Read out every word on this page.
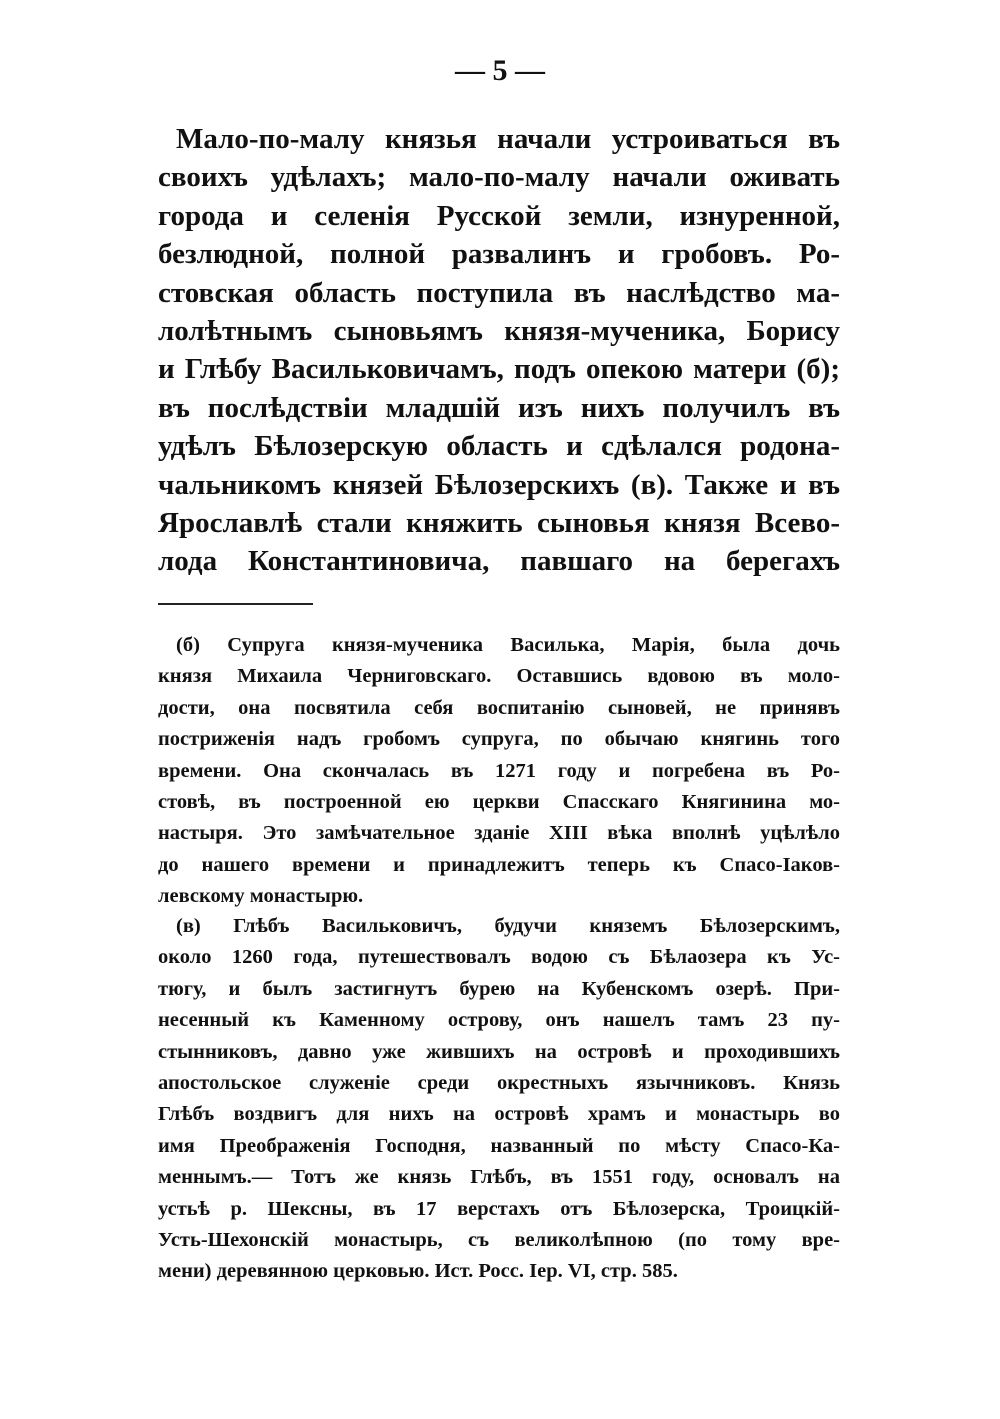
— 5 —
Мало-по-малу князья начали устроиваться въ
своихъ удѣлахъ; мало-по-малу начали оживать
города и селенія Русской земли, изнуренной,
безлюдной, полной развалинъ и гробовъ. Ро-
стовская область поступила въ наслѣдство ма-
лолѣтнымъ сыновьямъ князя-мученика, Борису
и Глѣбу Васильковичамъ, подъ опекою матери (б);
въ послѣдствіи младшій изъ нихъ получилъ въ
удѣлъ Бѣлозерскую область и сдѣлался родона-
чальникомъ князей Бѣлозерскихъ (в). Также и въ
Ярославлѣ стали княжить сыновья князя Всево-
лода Константиновича, павшаго на берегахъ
(б) Супруга князя-мученика Василька, Марія, была дочь
князя Михаила Черниговскаго. Оставшись вдовою въ моло-
дости, она посвятила себя воспитанію сыновей, не принявъ
постриженія надъ гробомъ супруга, по обычаю княгинь того
времени. Она скончалась въ 1271 году и погребена въ Ро-
стовѣ, въ построенной ею церкви Спасскаго Княгинина мо-
настыря. Это замѣчательное зданіе XIII вѣка вполнѣ уцѣлѣло
до нашего времени и принадлежитъ теперь къ Спасо-Іаков-
левскому монастырю.
(в) Глѣбъ Васильковичъ, будучи княземъ Бѣлозерскимъ,
около 1260 года, путешествовалъ водою съ Бѣлаозера къ Ус-
тюгу, и былъ застигнутъ бурею на Кубенскомъ озерѣ. При-
несенный къ Каменному острову, онъ нашелъ тамъ 23 пу-
стынниковъ, давно уже жившихъ на островѣ и проходившихъ
апостольское служеніе среди окрестныхъ язычниковъ. Князь
Глѣбъ воздвигъ для нихъ на островѣ храмъ и монастырь во
имя Преображенія Господня, названный по мѣсту Спасо-Ка-
меннымъ.— Тотъ же князь Глѣбъ, въ 1551 году, основалъ на
устьѣ р. Шексны, въ 17 верстахъ отъ Бѣлозерска, Троицкій-
Усть-Шехонскій монастырь, съ великолѣпною (по тому вре-
мени) деревянною церковью. Ист. Росс. Іер. VI, стр. 585.
